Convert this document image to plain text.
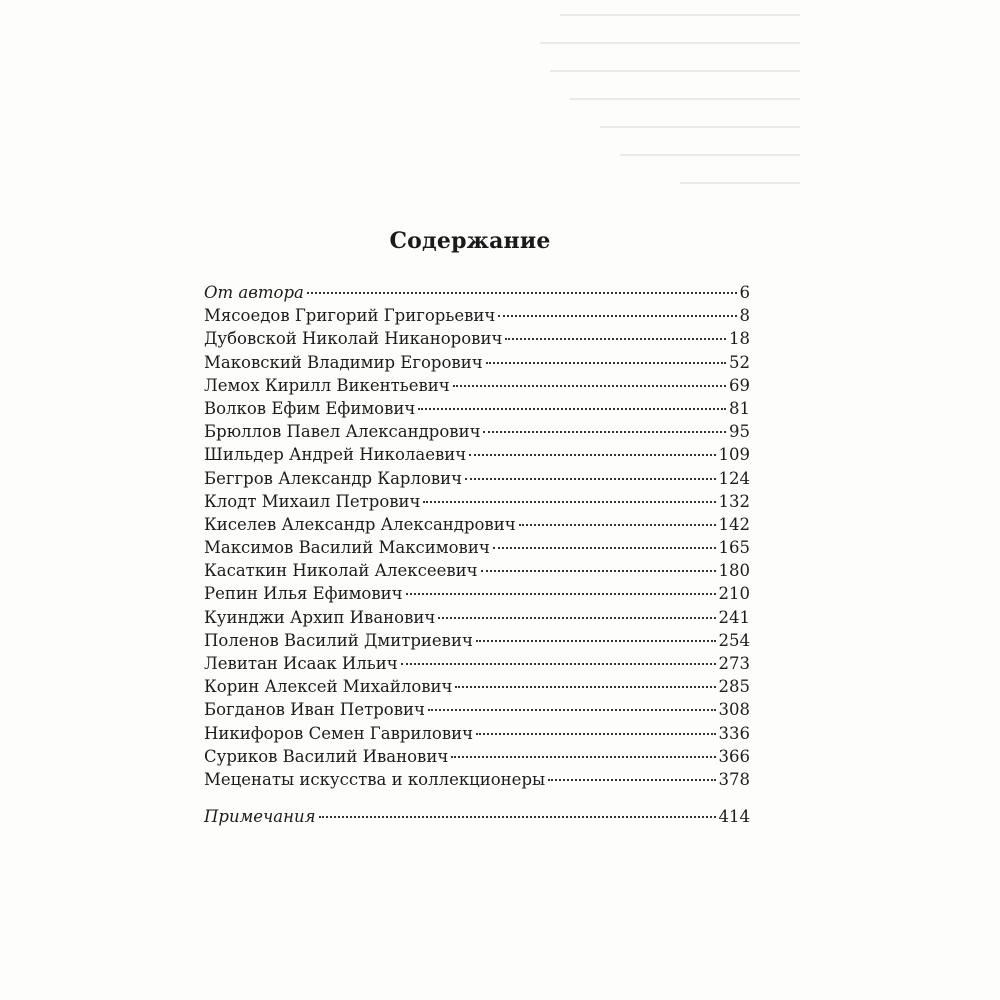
Содержание
От автора	6
Мясоедов Григорий Григорьевич	8
Дубовской Николай Никанорович	18
Маковский Владимир Егорович	52
Лемох Кирилл Викентьевич	69
Волков Ефим Ефимович	81
Брюллов Павел Александрович	95
Шильдер Андрей Николаевич	109
Беггров Александр Карлович	124
Клодт Михаил Петрович	132
Киселев Александр Александрович	142
Максимов Василий Максимович	165
Касаткин Николай Алексеевич	180
Репин Илья Ефимович	210
Куинджи Архип Иванович	241
Поленов Василий Дмитриевич	254
Левитан Исаак Ильич	273
Корин Алексей Михайлович	285
Богданов Иван Петрович	308
Никифоров Семен Гаврилович	336
Суриков Василий Иванович	366
Меценаты искусства и коллекционеры	378
Примечания	414
